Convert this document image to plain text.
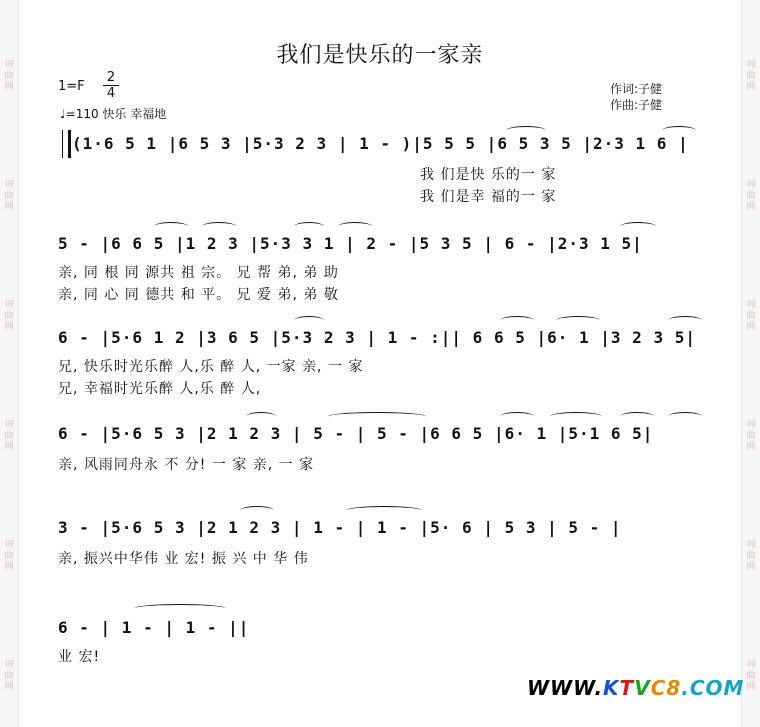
词
曲
网
词
曲
网
词
曲
网
词
曲
网
词
曲
网
词
曲
网
词
曲
网
词
曲
网
词
曲
网
词
曲
网
词
曲
网
词
曲
网
我们是快乐的一家亲
1=F
2
4
♩=110 快乐 幸福地
作词:子健
作曲:子健
(1·6 5 1 |6 5 3 |5·3 2 3 | 1 - )|5 5 5 |6 5 3 5 |2·3 1 6 |
我 们是快 乐的一 家
我 们是幸 福的一 家
5 - |6 6 5 |1 2 3 |5·3 3 1 | 2 - |5 3 5 | 6 - |2·3 1 5|
亲, 同 根 同 源共 祖 宗。 兄 帮 弟, 弟 助
亲, 同 心 同 德共 和 平。 兄 爱 弟, 弟 敬
6 - |5·6 1 2 |3 6 5 |5·3 2 3 | 1 - :|| 6 6 5 |6· 1 |3 2 3 5|
兄, 快乐时光乐醉 人,乐 醉 人, 一家 亲, 一 家
兄, 幸福时光乐醉 人,乐 醉 人,
6 - |5·6 5 3 |2 1 2 3 | 5 - | 5 - |6 6 5 |6· 1 |5·1 6 5|
亲, 风雨同舟永 不 分! 一 家 亲, 一 家
3 - |5·6 5 3 |2 1 2 3 | 1 - | 1 - |5· 6 | 5 3 | 5 - |
亲, 振兴中华伟 业 宏! 振 兴 中 华 伟
6 - | 1 - | 1 - ||
业 宏!
WWW.KTVC8.COM
